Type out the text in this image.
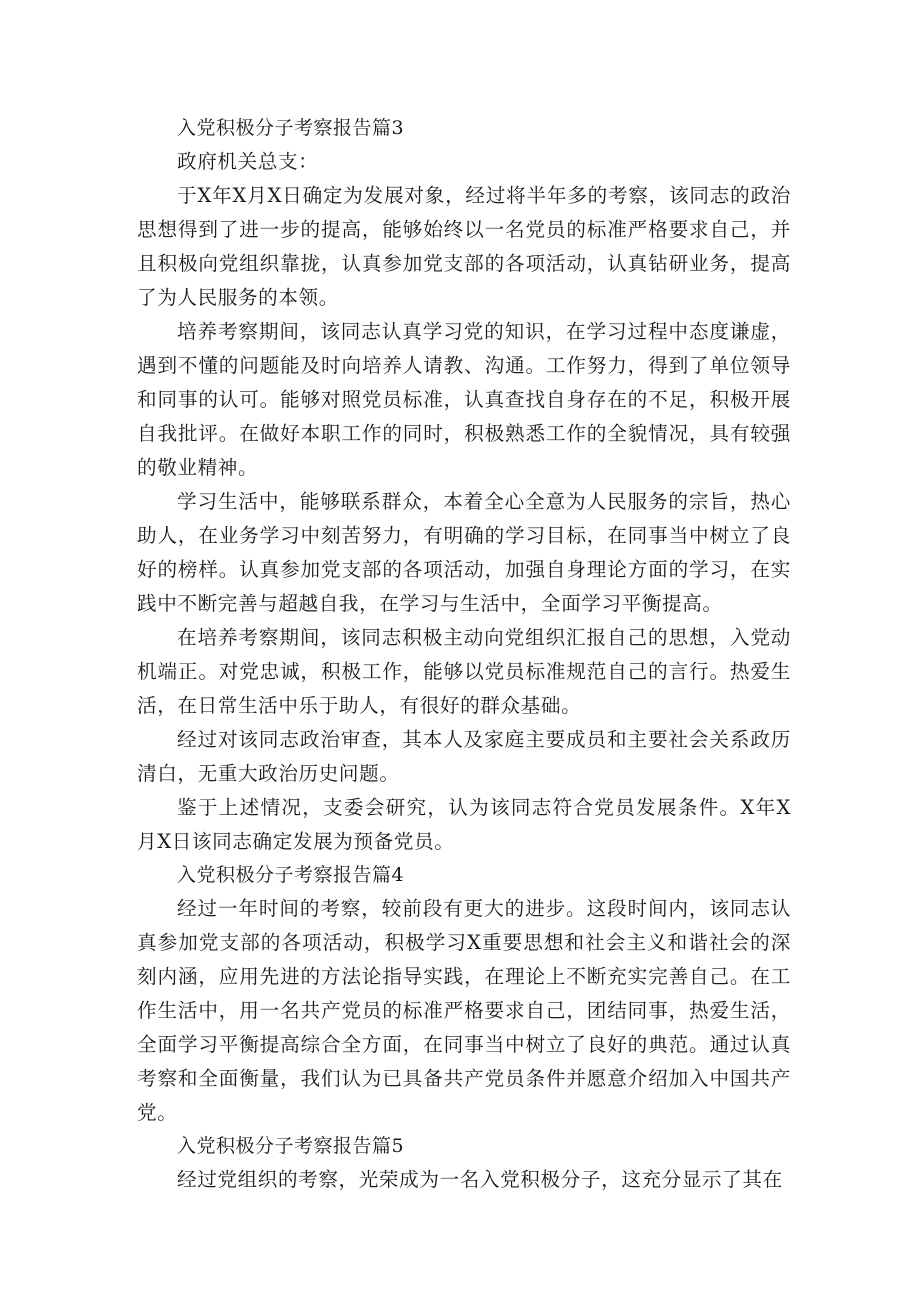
入党积极分子考察报告篇3

政府机关总支：

于X年X月X日确定为发展对象，经过将半年多的考察，该同志的政治思想得到了进一步的提高，能够始终以一名党员的标准严格要求自己，并且积极向党组织靠拢，认真参加党支部的各项活动，认真钻研业务，提高了为人民服务的本领。

培养考察期间，该同志认真学习党的知识，在学习过程中态度谦虚，遇到不懂的问题能及时向培养人请教、沟通。工作努力，得到了单位领导和同事的认可。能够对照党员标准，认真查找自身存在的不足，积极开展自我批评。在做好本职工作的同时，积极熟悉工作的全貌情况，具有较强的敬业精神。

学习生活中，能够联系群众，本着全心全意为人民服务的宗旨，热心助人，在业务学习中刻苦努力，有明确的学习目标，在同事当中树立了良好的榜样。认真参加党支部的各项活动，加强自身理论方面的学习，在实践中不断完善与超越自我，在学习与生活中，全面学习平衡提高。

在培养考察期间，该同志积极主动向党组织汇报自己的思想，入党动机端正。对党忠诚，积极工作，能够以党员标准规范自己的言行。热爱生活，在日常生活中乐于助人，有很好的群众基础。

经过对该同志政治审查，其本人及家庭主要成员和主要社会关系政历清白，无重大政治历史问题。

鉴于上述情况，支委会研究，认为该同志符合党员发展条件。X年X月X日该同志确定发展为预备党员。

入党积极分子考察报告篇4

经过一年时间的考察，较前段有更大的进步。这段时间内，该同志认真参加党支部的各项活动，积极学习X重要思想和社会主义和谐社会的深刻内涵，应用先进的方法论指导实践，在理论上不断充实完善自己。在工作生活中，用一名共产党员的标准严格要求自己，团结同事，热爱生活，全面学习平衡提高综合全方面，在同事当中树立了良好的典范。通过认真考察和全面衡量，我们认为已具备共产党员条件并愿意介绍加入中国共产党。

入党积极分子考察报告篇5

经过党组织的考察，光荣成为一名入党积极分子，这充分显示了其在
